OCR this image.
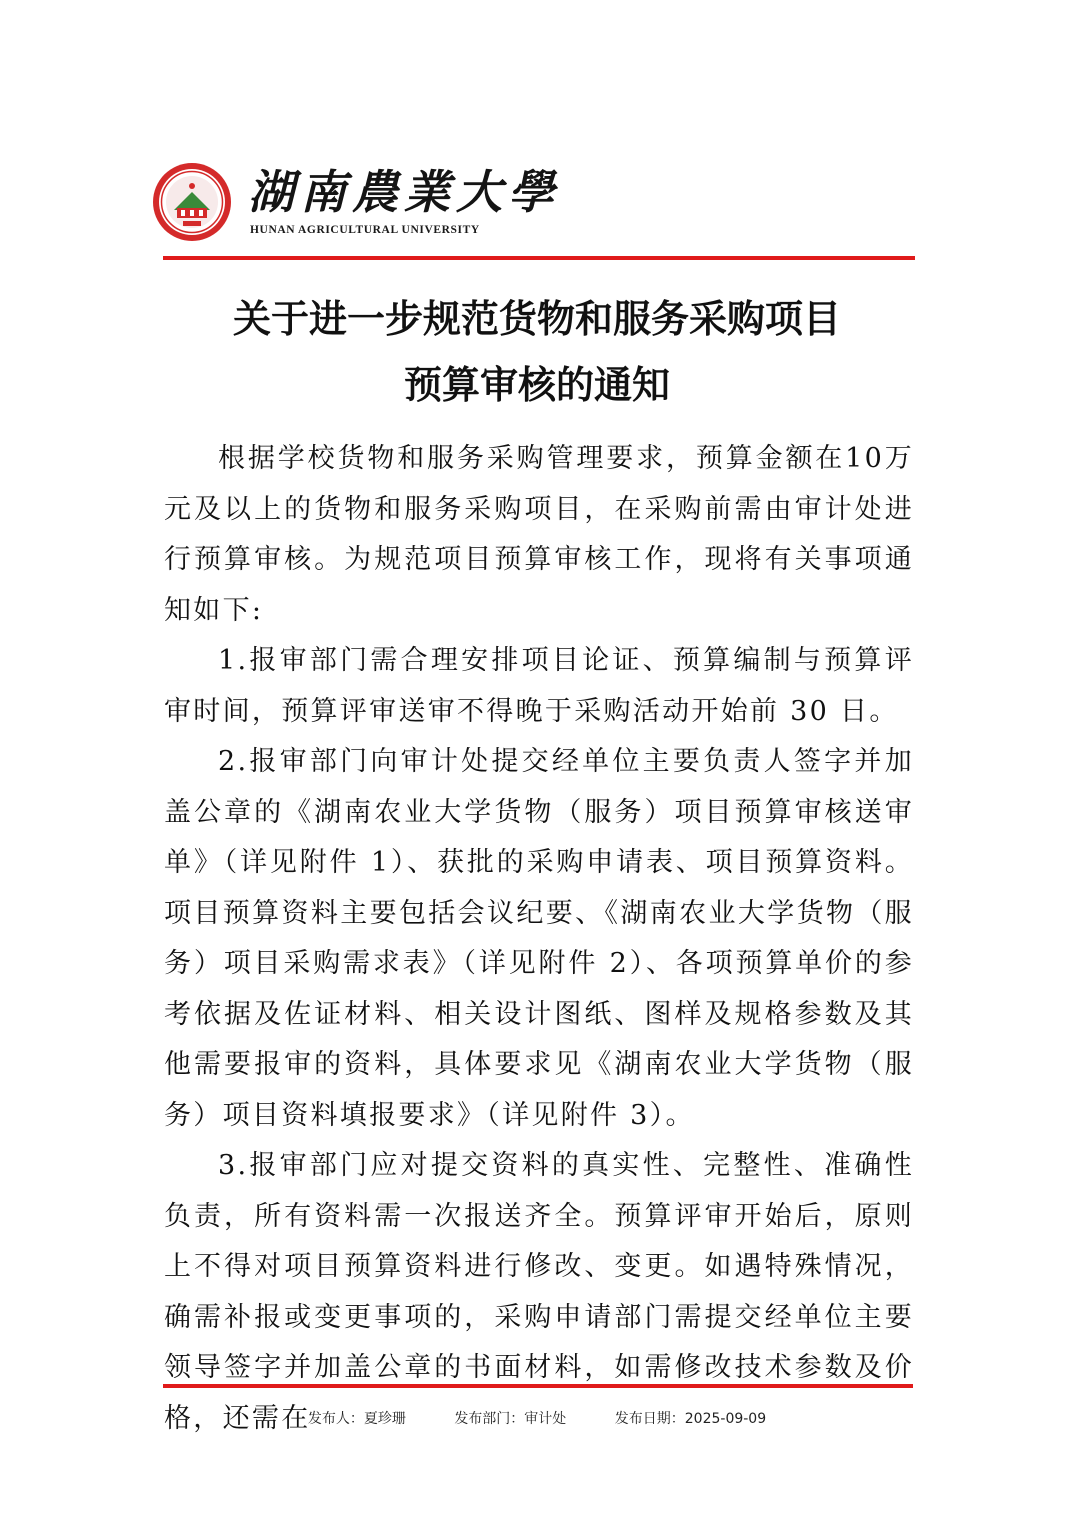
湖南農業大學
HUNAN AGRICULTURAL UNIVERSITY
关于进一步规范货物和服务采购项目
预算审核的通知

根据学校货物和服务采购管理要求，预算金额在10万元及以上的货物和服务采购项目，在采购前需由审计处进行预算审核。为规范项目预算审核工作，现将有关事项通知如下:

1.报审部门需合理安排项目论证、预算编制与预算评审时间，预算评审送审不得晚于采购活动开始前 30 日。

2.报审部门向审计处提交经单位主要负责人签字并加盖公章的《湖南农业大学货物（服务）项目预算审核送审单》（详见附件 1）、获批的采购申请表、项目预算资料。项目预算资料主要包括会议纪要、《湖南农业大学货物（服务）项目采购需求表》（详见附件 2）、各项预算单价的参考依据及佐证材料、相关设计图纸、图样及规格参数及其他需要报审的资料，具体要求见《湖南农业大学货物（服务）项目资料填报要求》（详见附件 3）。

3.报审部门应对提交资料的真实性、完整性、准确性负责，所有资料需一次报送齐全。预算评审开始后，原则上不得对项目预算资料进行修改、变更。如遇特殊情况，确需补报或变更事项的，采购申请部门需提交经单位主要领导签字并加盖公章的书面材料，如需修改技术参数及价格，还需在

发布人：夏珍珊	发布部门：审计处	发布日期：2025-09-09
